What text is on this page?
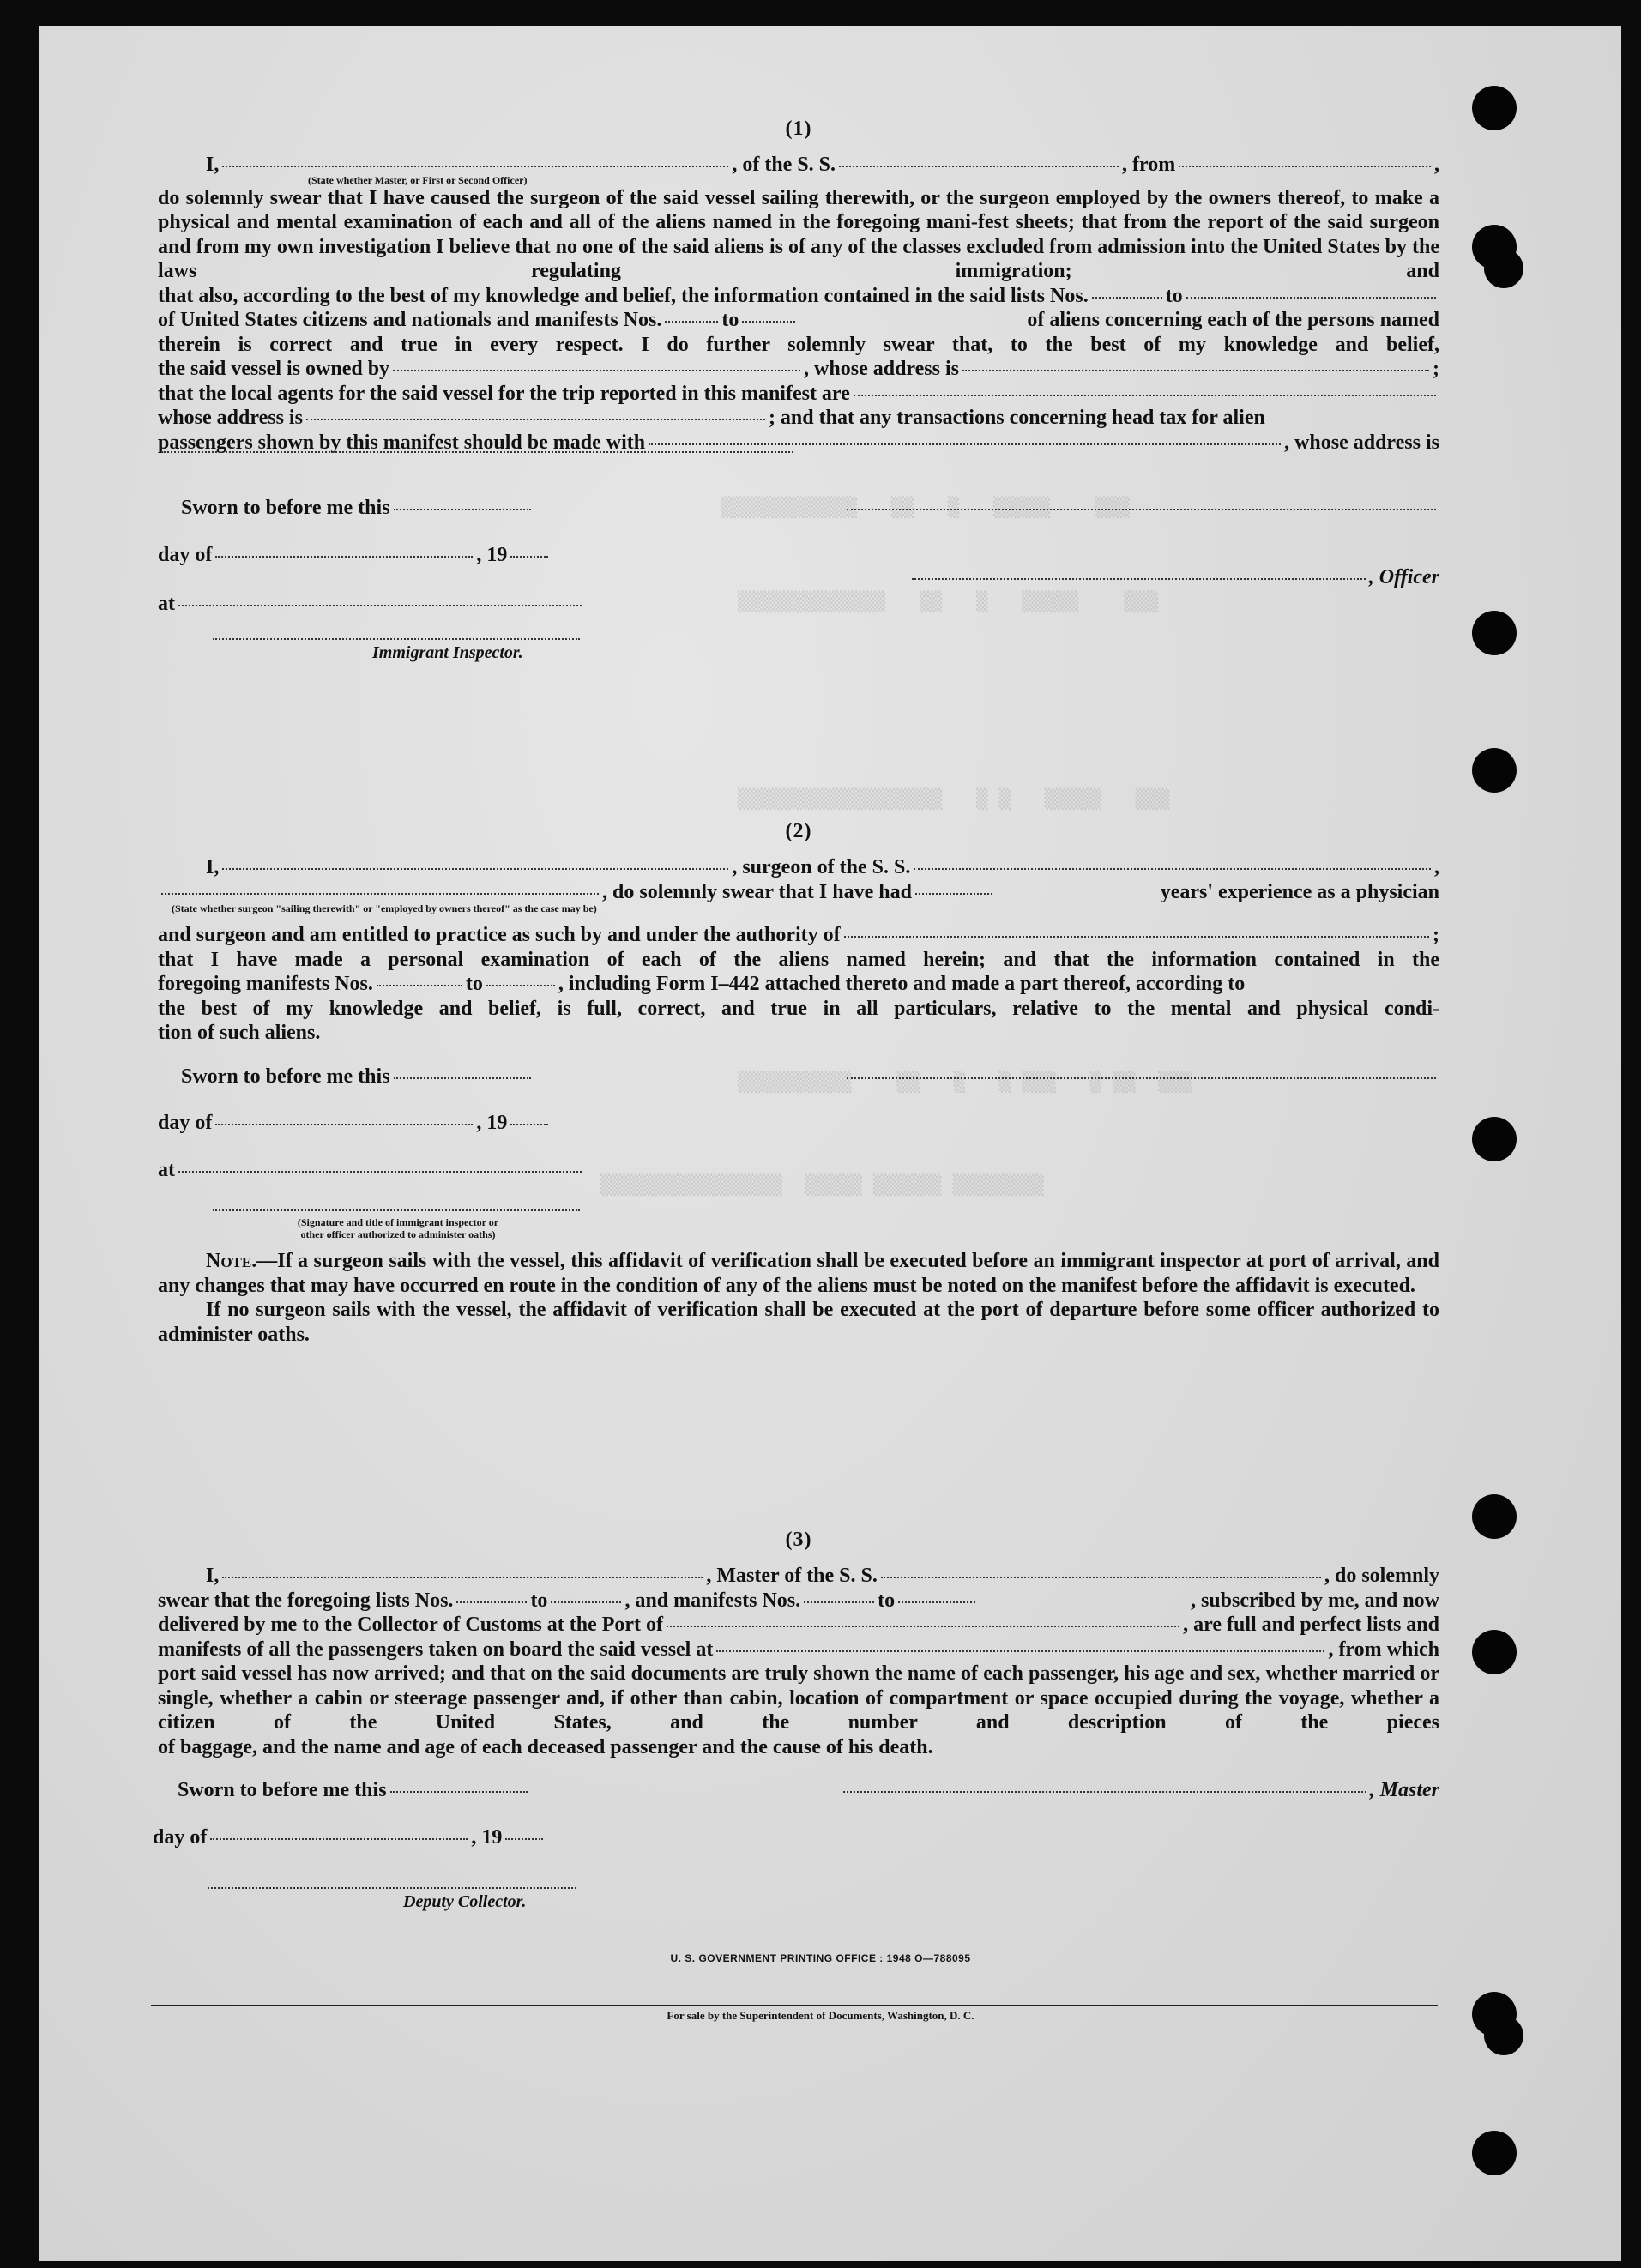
▒▒▒▒▒▒▒▒▒▒▒▒   ▒▒   ▒   ▒▒▒▒▒    ▒▒▒
▒▒▒▒▒▒▒▒▒▒▒▒▒   ▒▒   ▒   ▒▒▒▒▒    ▒▒▒
▒▒▒▒▒▒▒▒▒▒▒▒▒▒▒▒▒▒   ▒ ▒   ▒▒▒▒▒   ▒▒▒
▒▒▒▒▒▒▒▒▒▒    ▒▒   ▒   ▒ ▒▒▒   ▒ ▒▒  ▒▒▒
▒▒▒▒▒▒▒▒▒▒▒▒▒▒▒▒  ▒▒▒▒▒ ▒▒▒▒▒▒ ▒▒▒▒▒▒▒▒
(1)
I,	, of the S. S.	, from	,
(State whether Master, or First or Second Officer)
do solemnly swear that I have caused the surgeon of the said vessel sailing therewith, or the surgeon employed by the owners thereof, to make a physical and mental examination of each and all of the aliens named in the foregoing mani-fest sheets; that from the report of the said surgeon and from my own investigation I believe that no one of the said aliens is of any of the classes excluded from admission into the United States by the laws regulating immigration; and
that also, according to the best of my knowledge and belief, the information contained in the said lists Nos.	to
of United States citizens and nationals and manifests Nos.	to	of aliens concerning each of the persons named
therein is correct and true in every respect. I do further solemnly swear that, to the best of my knowledge and belief,
the said vessel is owned by	, whose address is	;
that the local agents for the said vessel for the trip reported in this manifest are
whose address is	; and that any transactions concerning head tax for alien
passengers shown by this manifest should be made with	, whose address is
Sworn to before me this
day of	, 19
, Officer
at
Immigrant Inspector.
(2)
I,	, surgeon of the S. S.	,
, do solemnly swear that I have had	years' experience as a physician
(State whether surgeon "sailing therewith" or "employed by owners thereof" as the case may be)
and surgeon and am entitled to practice as such by and under the authority of	;
that I have made a personal examination of each of the aliens named herein; and that the information contained in the
foregoing manifests Nos.	to	, including Form I–442 attached thereto and made a part thereof, according to
the best of my knowledge and belief, is full, correct, and true in all particulars, relative to the mental and physical condi-
tion of such aliens.
Sworn to before me this
day of	, 19
at
(Signature and title of immigrant inspector or
other officer authorized to administer oaths)
Note.—If a surgeon sails with the vessel, this affidavit of verification shall be executed before an immigrant inspector at port of arrival, and any changes that may have occurred en route in the condition of any of the aliens must be noted on the manifest before the affidavit is executed.
If no surgeon sails with the vessel, the affidavit of verification shall be executed at the port of departure before some officer authorized to administer oaths.
(3)
I,	, Master of the S. S.	, do solemnly
swear that the foregoing lists Nos.	to	, and manifests Nos.	to	, subscribed by me, and now
delivered by me to the Collector of Customs at the Port of	, are full and perfect lists and
manifests of all the passengers taken on board the said vessel at	, from which
port said vessel has now arrived; and that on the said documents are truly shown the name of each passenger, his age and sex, whether married or single, whether a cabin or steerage passenger and, if other than cabin, location of compartment or space occupied during the voyage, whether a citizen of the United States, and the number and description of the pieces
of baggage, and the name and age of each deceased passenger and the cause of his death.
Sworn to before me this	, Master
day of	, 19
Deputy Collector.
U. S. GOVERNMENT PRINTING OFFICE : 1948 O—788095
For sale by the Superintendent of Documents, Washington, D. C.
